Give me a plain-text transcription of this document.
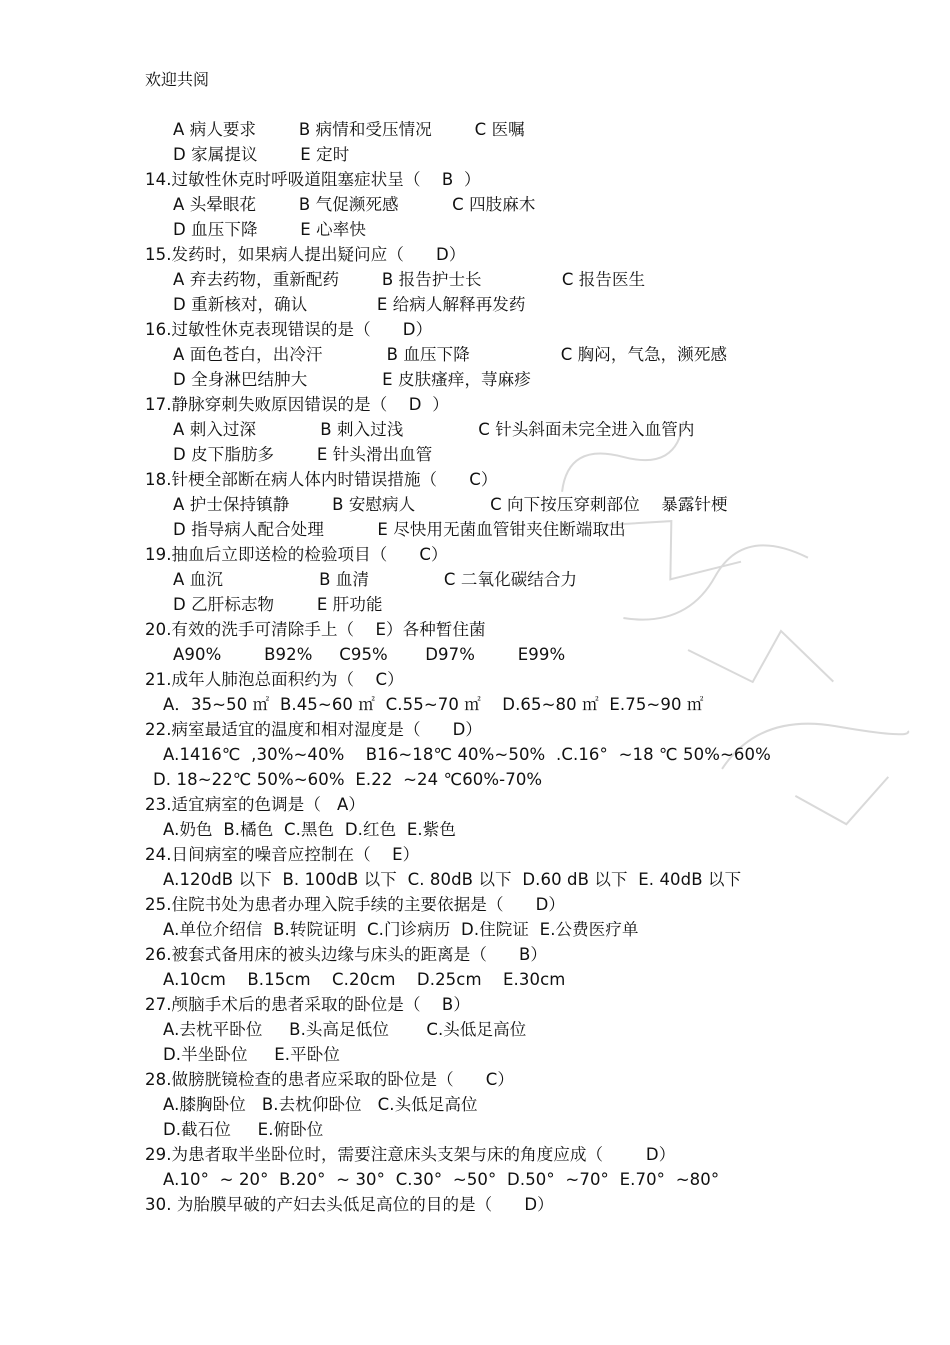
欢迎共阅
A 病人要求        B 病情和受压情况        C 医嘱
D 家属提议        E 定时
14.过敏性休克时呼吸道阻塞症状呈（    B  ）
A 头晕眼花        B 气促濒死感          C 四肢麻木
D 血压下降        E 心率快
15.发药时，如果病人提出疑问应（      D）
A 弃去药物，重新配药        B 报告护士长               C 报告医生
D 重新核对，确认             E 给病人解释再发药
16.过敏性休克表现错误的是（      D）
A 面色苍白，出冷汗            B 血压下降                 C 胸闷，气急，濒死感
D 全身淋巴结肿大              E 皮肤瘙痒，荨麻疹
17.静脉穿刺失败原因错误的是（    D  ）
A 刺入过深            B 刺入过浅              C 针头斜面未完全进入血管内
D 皮下脂肪多        E 针头滑出血管
18.针梗全部断在病人体内时错误措施（      C）
A 护士保持镇静        B 安慰病人              C 向下按压穿刺部位    暴露针梗
D 指导病人配合处理          E 尽快用无菌血管钳夹住断端取出
19.抽血后立即送检的检验项目（      C）
A 血沉                  B 血清              C 二氧化碳结合力
D 乙肝标志物        E 肝功能
20.有效的洗手可清除手上（    E）各种暂住菌
A90%        B92%     C95%       D97%        E99%
21.成年人肺泡总面积约为（    C）
A．35~50 ㎡  B.45~60 ㎡  C.55~70 ㎡    D.65~80 ㎡  E.75~90 ㎡
22.病室最适宜的温度和相对湿度是（      D）
A.1416℃  ,30%~40%    B16~18℃ 40%~50%  .C.16°  ~18 ℃ 50%~60%
D. 18~22℃ 50%~60%  E.22  ~24 ℃60%-70%
23.适宜病室的色调是（   A）
A.奶色  B.橘色  C.黑色  D.红色  E.紫色
24.日间病室的噪音应控制在（    E）
A.120dB 以下  B. 100dB 以下  C. 80dB 以下  D.60 dB 以下  E. 40dB 以下
25.住院书处为患者办理入院手续的主要依据是（      D）
A.单位介绍信  B.转院证明  C.门诊病历  D.住院证  E.公费医疗单
26.被套式备用床的被头边缘与床头的距离是（      B）
A.10cm    B.15cm    C.20cm    D.25cm    E.30cm
27.颅脑手术后的患者采取的卧位是（    B）
A.去枕平卧位     B.头高足低位       C.头低足高位
D.半坐卧位     E.平卧位
28.做膀胱镜检查的患者应采取的卧位是（      C）
A.膝胸卧位   B.去枕仰卧位   C.头低足高位
D.截石位     E.俯卧位
29.为患者取半坐卧位时，需要注意床头支架与床的角度应成（        D）
A.10°  ~ 20°  B.20°  ~ 30°  C.30°  ~50°  D.50°  ~70°  E.70°  ~80°
30. 为胎膜早破的产妇去头低足高位的目的是（      D）
